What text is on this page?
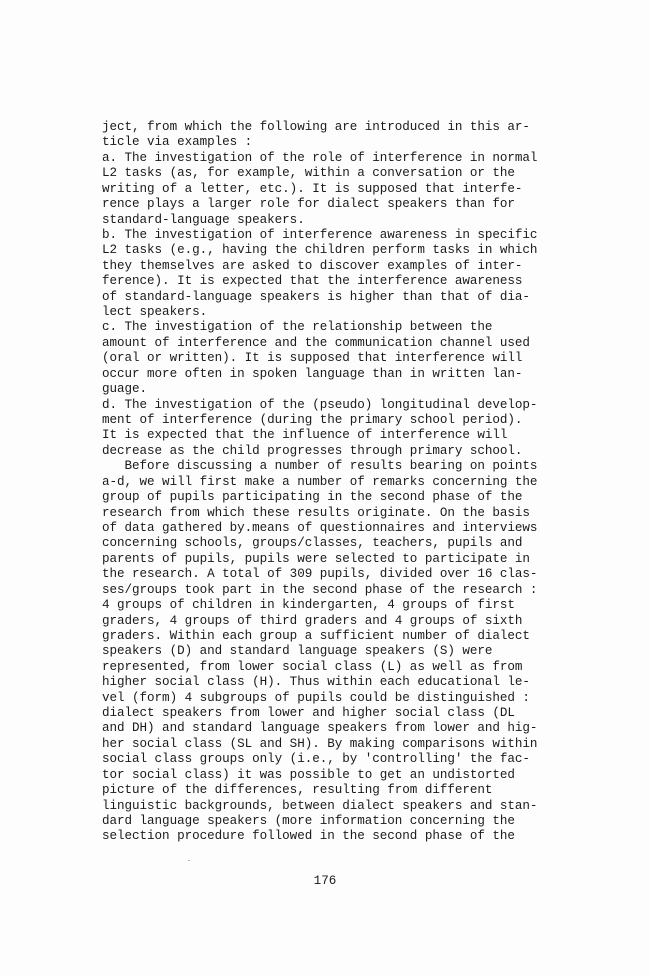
ject, from which the following are introduced in this ar-
ticle via examples :
a. The investigation of the role of interference in normal
L2 tasks (as, for example, within a conversation or the
writing of a letter, etc.). It is supposed that interfe-
rence plays a larger role for dialect speakers than for
standard-language speakers.
b. The investigation of interference awareness in specific
L2 tasks (e.g., having the children perform tasks in which
they themselves are asked to discover examples of inter-
ference). It is expected that the interference awareness
of standard-language speakers is higher than that of dia-
lect speakers.
c. The investigation of the relationship between the
amount of interference and the communication channel used
(oral or written). It is supposed that interference will
occur more often in spoken language than in written lan-
guage.
d. The investigation of the (pseudo) longitudinal develop-
ment of interference (during the primary school period).
It is expected that the influence of interference will
decrease as the child progresses through primary school.
Before discussing a number of results bearing on points
a-d, we will first make a number of remarks concerning the
group of pupils participating in the second phase of the
research from which these results originate. On the basis
of data gathered by.means of questionnaires and interviews
concerning schools, groups/classes, teachers, pupils and
parents of pupils, pupils were selected to participate in
the research. A total of 309 pupils, divided over 16 clas-
ses/groups took part in the second phase of the research :
4 groups of children in kindergarten, 4 groups of first
graders, 4 groups of third graders and 4 groups of sixth
graders. Within each group a sufficient number of dialect
speakers (D) and standard language speakers (S) were
represented, from lower social class (L) as well as from
higher social class (H). Thus within each educational le-
vel (form) 4 subgroups of pupils could be distinguished :
dialect speakers from lower and higher social class (DL
and DH) and standard language speakers from lower and hig-
her social class (SL and SH). By making comparisons within
social class groups only (i.e., by 'controlling' the fac-
tor social class) it was possible to get an undistorted
picture of the differences, resulting from different
linguistic backgrounds, between dialect speakers and stan-
dard language speakers (more information concerning the
selection procedure followed in the second phase of the
176
